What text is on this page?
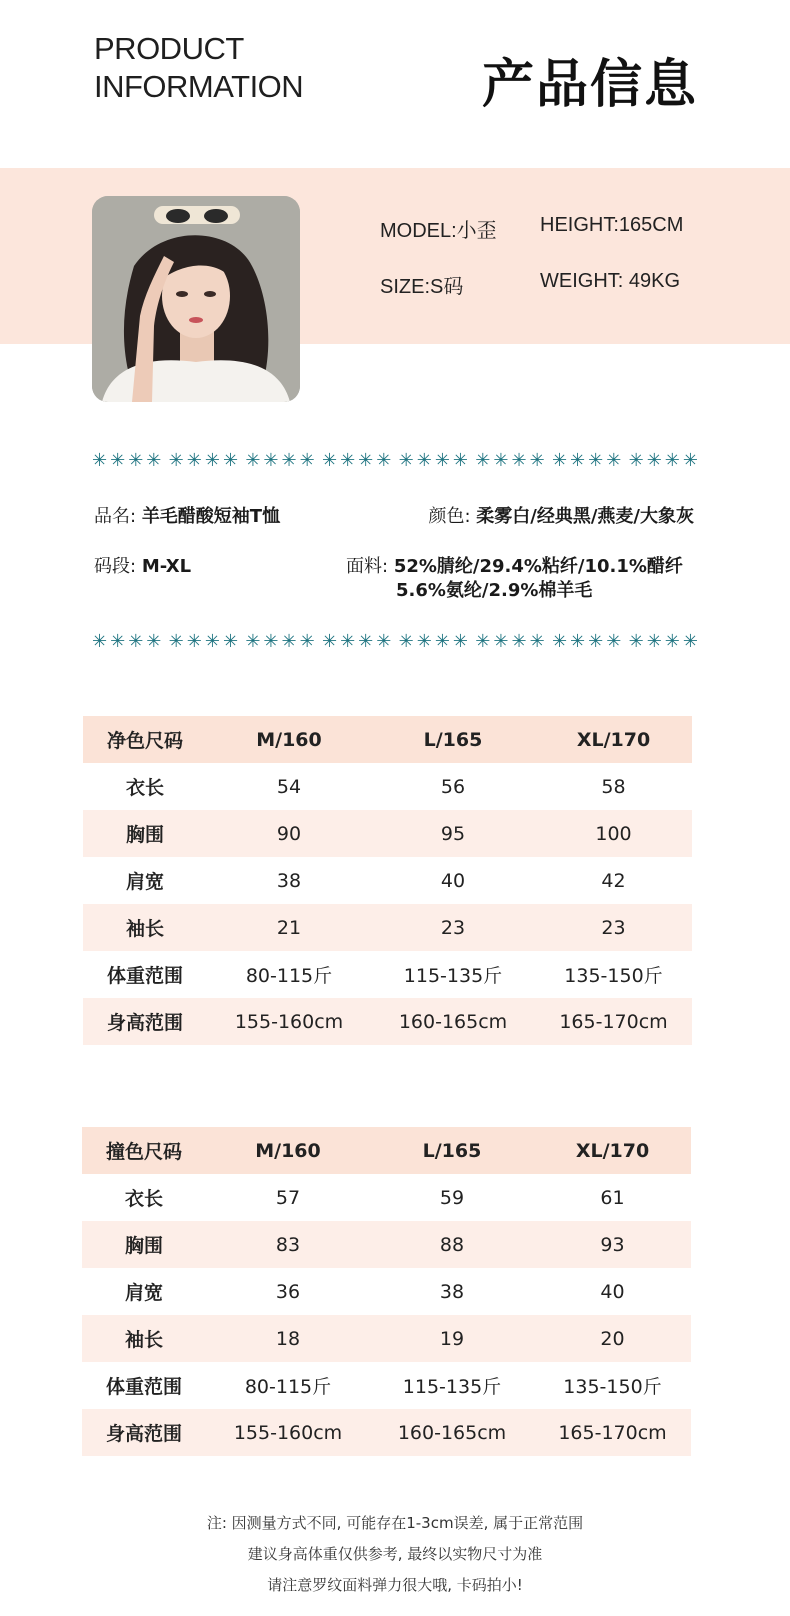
PRODUCT
INFORMATION	产品信息
MODEL:小歪 HEIGHT:165CM
SIZE:S码	WEIGHT: 49KG
✳ ✳ ✳ ✳ ✳ ✳ ✳ ✳ ✳ ✳ ✳ ✳ ✳ ✳ ✳ ✳ ✳ ✳ ✳ ✳ ✳ ✳ ✳ ✳ ✳ ✳ ✳ ✳ ✳ ✳ ✳ ✳
品名: 羊毛醋酸短袖T恤	颜色: 柔雾白/经典黑/燕麦/大象灰
码段: M-XL	面料: 52%腈纶/29.4%粘纤/10.1%醋纤
5.6%氨纶/2.9%棉羊毛
✳ ✳ ✳ ✳ ✳ ✳ ✳ ✳ ✳ ✳ ✳ ✳ ✳ ✳ ✳ ✳ ✳ ✳ ✳ ✳ ✳ ✳ ✳ ✳ ✳ ✳ ✳ ✳ ✳ ✳ ✳ ✳
净色尺码	M/160	L/165	XL/170
衣长	54	56	58
胸围	90	95	100
肩宽	38	40	42
袖长	21	23	23
体重范围	80-115斤	115-135斤	135-150斤
身高范围	155-160cm	160-165cm	165-170cm
撞色尺码	M/160	L/165	XL/170
衣长	57	59	61
胸围	83	88	93
肩宽	36	38	40
袖长	18	19	20
体重范围	80-115斤	115-135斤	135-150斤
身高范围	155-160cm	160-165cm	165-170cm
注: 因测量方式不同, 可能存在1-3cm误差, 属于正常范围
建议身高体重仅供参考, 最终以实物尺寸为准
请注意罗纹面料弹力很大哦, 卡码拍小!
